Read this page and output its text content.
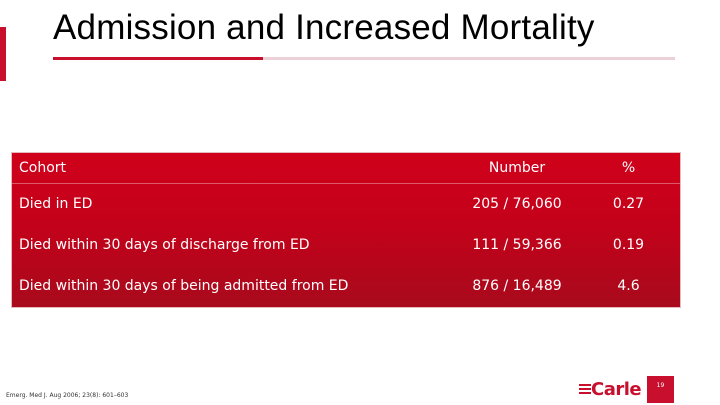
Admission and Increased Mortality
Cohort	Number	%
Died in ED	205 / 76,060	0.27
Died within 30 days of discharge from ED	111 / 59,366	0.19
Died within 30 days of being admitted from ED	876 / 16,489	4.6
Emerg. Med J. Aug 2006; 23(8): 601–603	Carle	19
